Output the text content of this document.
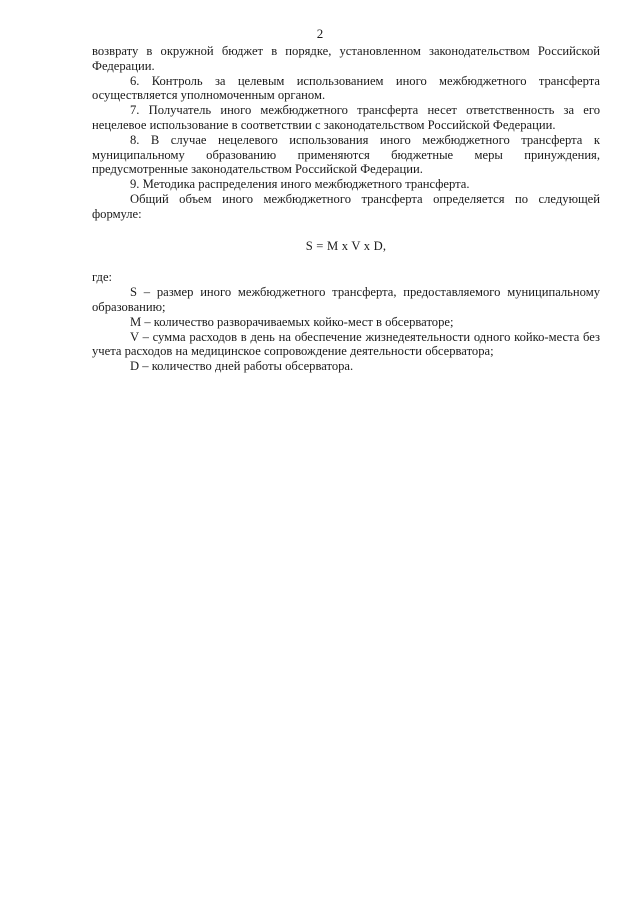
2

возврату в окружной бюджет в порядке, установленном законодательством Российской Федерации.

6. Контроль за целевым использованием иного межбюджетного трансферта осуществляется уполномоченным органом.

7. Получатель иного межбюджетного трансферта несет ответственность за его нецелевое использование в соответствии с законодательством Российской Федерации.

8. В случае нецелевого использования иного межбюджетного трансферта к муниципальному образованию применяются бюджетные меры принуждения, предусмотренные законодательством Российской Федерации.

9. Методика распределения иного межбюджетного трансферта.

Общий объем иного межбюджетного трансферта определяется по следующей формуле:

S = M x V x D,

где:

S – размер иного межбюджетного трансферта, предоставляемого муниципальному образованию;

M – количество разворачиваемых койко-мест в обсерваторе;

V – сумма расходов в день на обеспечение жизнедеятельности одного койко-места без учета расходов на медицинское сопровождение деятельности обсерватора;

D – количество дней работы обсерватора.
